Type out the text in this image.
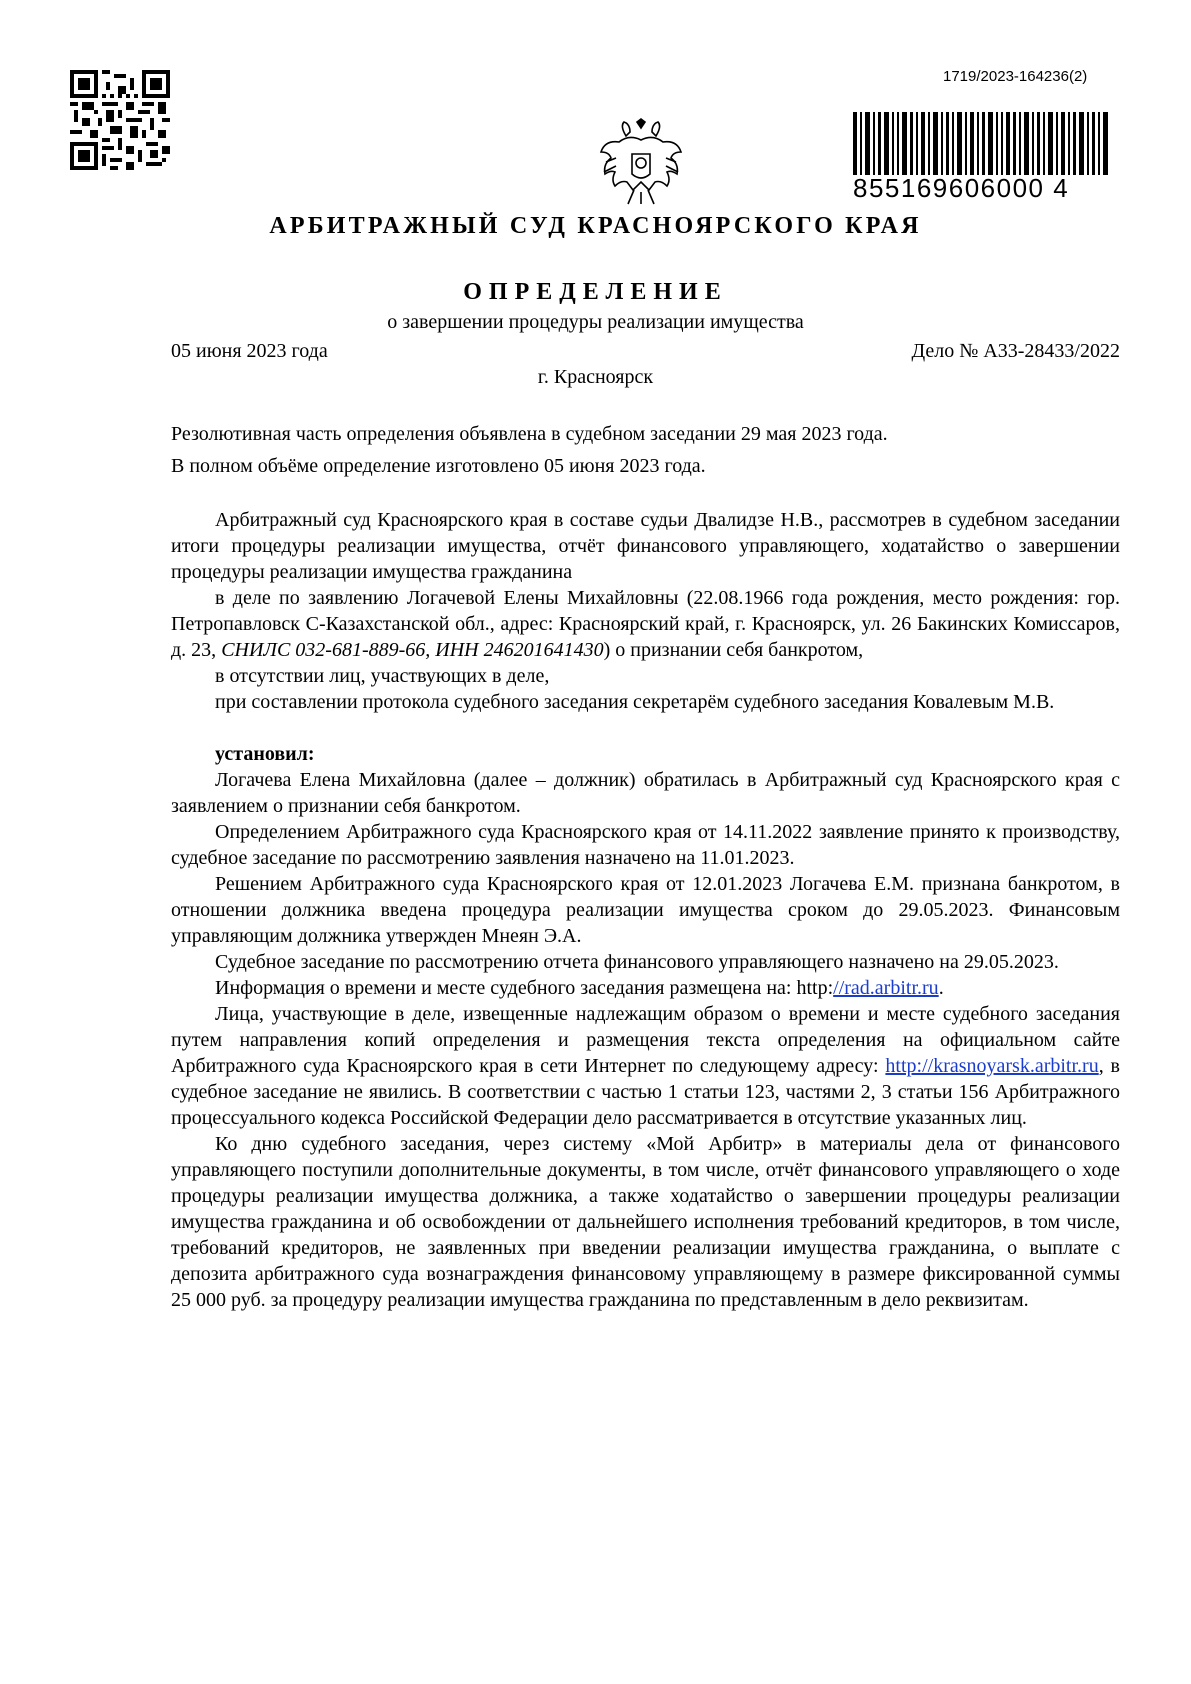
1719/2023-164236(2)
855169606000 4
АРБИТРАЖНЫЙ СУД КРАСНОЯРСКОГО КРАЯ
ОПРЕДЕЛЕНИЕ
о завершении процедуры реализации имущества
05 июня 2023 года	Дело № А33-28433/2022
г. Красноярск

Резолютивная часть определения объявлена в судебном заседании 29 мая 2023 года.

В полном объёме определение изготовлено 05 июня 2023 года.

Арбитражный суд Красноярского края в составе судьи Двалидзе Н.В., рассмотрев в судебном заседании итоги процедуры реализации имущества, отчёт финансового управляющего, ходатайство о завершении процедуры реализации имущества гражданина

в деле по заявлению Логачевой Елены Михайловны (22.08.1966 года рождения, место рождения: гор. Петропавловск С-Казахстанской обл., адрес: Красноярский край, г. Красноярск, ул. 26 Бакинских Комиссаров, д. 23, СНИЛС 032-681-889-66, ИНН 246201641430) о признании себя банкротом,

в отсутствии лиц, участвующих в деле,

при составлении протокола судебного заседания секретарём судебного заседания Ковалевым М.В.

установил:

Логачева Елена Михайловна (далее – должник) обратилась в Арбитражный суд Красноярского края с заявлением о признании себя банкротом.

Определением Арбитражного суда Красноярского края от 14.11.2022 заявление принято к производству, судебное заседание по рассмотрению заявления назначено на 11.01.2023.

Решением Арбитражного суда Красноярского края от 12.01.2023 Логачева Е.М. признана банкротом, в отношении должника введена процедура реализации имущества сроком до 29.05.2023. Финансовым управляющим должника утвержден Мнеян Э.А.

Судебное заседание по рассмотрению отчета финансового управляющего назначено на 29.05.2023.

Информация о времени и месте судебного заседания размещена на: http://rad.arbitr.ru.

Лица, участвующие в деле, извещенные надлежащим образом о времени и месте судебного заседания путем направления копий определения и размещения текста определения на официальном сайте Арбитражного суда Красноярского края в сети Интернет по следующему адресу: http://krasnoyarsk.arbitr.ru, в судебное заседание не явились. В соответствии с частью 1 статьи 123, частями 2, 3 статьи 156 Арбитражного процессуального кодекса Российской Федерации дело рассматривается в отсутствие указанных лиц.

Ко дню судебного заседания, через систему «Мой Арбитр» в материалы дела от финансового управляющего поступили дополнительные документы, в том числе, отчёт финансового управляющего о ходе процедуры реализации имущества должника, а также ходатайство о завершении процедуры реализации имущества гражданина и об освобождении от дальнейшего исполнения требований кредиторов, в том числе, требований кредиторов, не заявленных при введении реализации имущества гражданина, о выплате с депозита арбитражного суда вознаграждения финансовому управляющему в размере фиксированной суммы 25 000 руб. за процедуру реализации имущества гражданина по представленным в дело реквизитам.
